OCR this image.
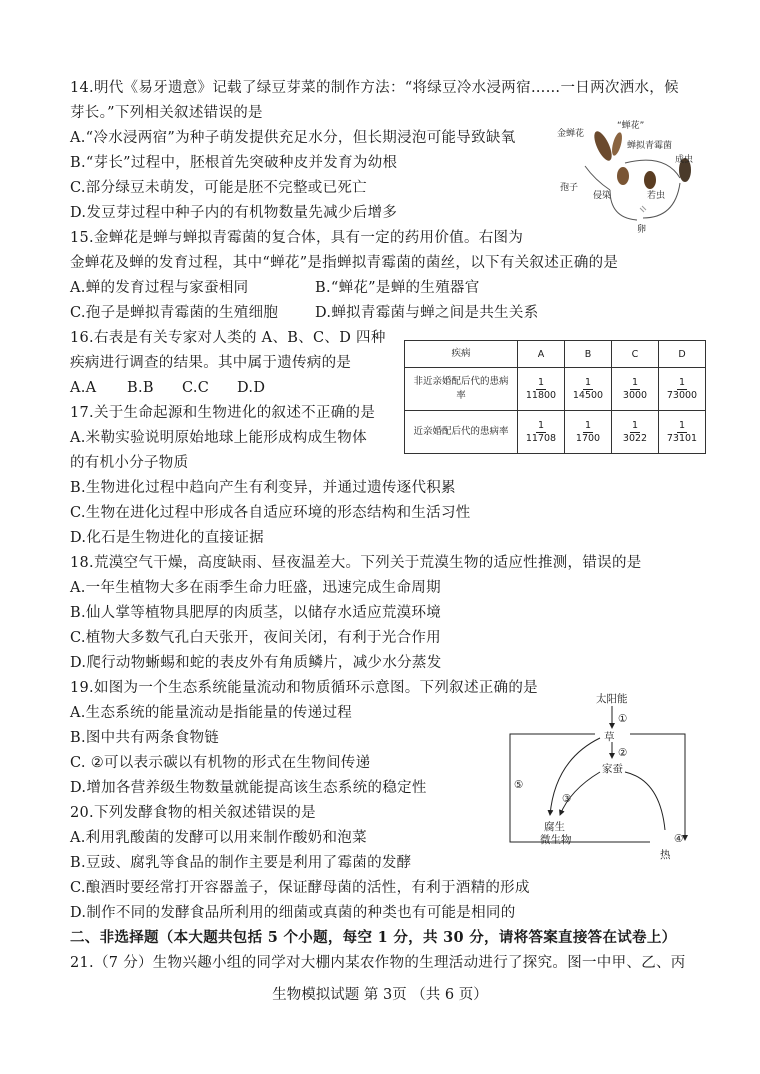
14.明代《易牙遗意》记载了绿豆芽菜的制作方法：“将绿豆冷水浸两宿……一日两次洒水，候
芽长。”下列相关叙述错误的是
A.“冷水浸两宿”为种子萌发提供充足水分，但长期浸泡可能导致缺氧
B.“芽长”过程中，胚根首先突破种皮并发育为幼根
C.部分绿豆未萌发，可能是胚不完整或已死亡
D.发豆芽过程中种子内的有机物数量先减少后增多
15.金蝉花是蝉与蝉拟青霉菌的复合体，具有一定的药用价值。右图为
金蝉花及蝉的发育过程，其中“蝉花”是指蝉拟青霉菌的菌丝，以下有关叙述正确的是
A.蝉的发育过程与家蚕相同	B.“蝉花”是蝉的生殖器官
C.孢子是蝉拟青霉菌的生殖细胞	D.蝉拟青霉菌与蝉之间是共生关系
金蝉花
“蝉花”
蝉拟青霉菌
孢子
侵染	若虫
成虫
卵
16.右表是有关专家对人类的 A、B、C、D 四种
疾病进行调查的结果。其中属于遗传病的是
A.A B.B C.C D.D
疾病	A	B	C	D
非近亲婚配后代的患病率	$\frac{1}{11800}$	$\frac{1}{14500}$	$\frac{1}{3000}$	$\frac{1}{73000}$

近亲婚配后代的患病率	$\frac{1}{11708}$	$\frac{1}{1700}$	$\frac{1}{3022}$	$\frac{1}{73101}$
17.关于生命起源和生物进化的叙述不正确的是
A.米勒实验说明原始地球上能形成构成生物体
的有机小分子物质
B.生物进化过程中趋向产生有利变异，并通过遗传逐代积累
C.生物在进化过程中形成各自适应环境的形态结构和生活习性
D.化石是生物进化的直接证据
18.荒漠空气干燥，高度缺雨、昼夜温差大。下列关于荒漠生物的适应性推测，错误的是
A.一年生植物大多在雨季生命力旺盛，迅速完成生命周期
B.仙人掌等植物具肥厚的肉质茎，以储存水适应荒漠环境
C.植物大多数气孔白天张开，夜间关闭，有利于光合作用
D.爬行动物蜥蜴和蛇的表皮外有角质鳞片，减少水分蒸发
19.如图为一个生态系统能量流动和物质循环示意图。下列叙述正确的是
A.生态系统的能量流动是指能量的传递过程
B.图中共有两条食物链
C. ②可以表示碳以有机物的形式在生物间传递
D.增加各营养级生物数量就能提高该生态系统的稳定性
太阳能
①
草
②
家蚕
③
⑤
腐生
微生物	④
热
20.下列发酵食物的相关叙述错误的是
A.利用乳酸菌的发酵可以用来制作酸奶和泡菜
B.豆豉、腐乳等食品的制作主要是利用了霉菌的发酵
C.酿酒时要经常打开容器盖子，保证酵母菌的活性，有利于酒精的形成
D.制作不同的发酵食品所利用的细菌或真菌的种类也有可能是相同的
二、非选择题（本大题共包括 5 个小题，每空 1 分，共 30 分，请将答案直接答在试卷上）
21.（7 分）生物兴趣小组的同学对大棚内某农作物的生理活动进行了探究。图一中甲、乙、丙
生物模拟试题 第 3页 （共 6 页）
